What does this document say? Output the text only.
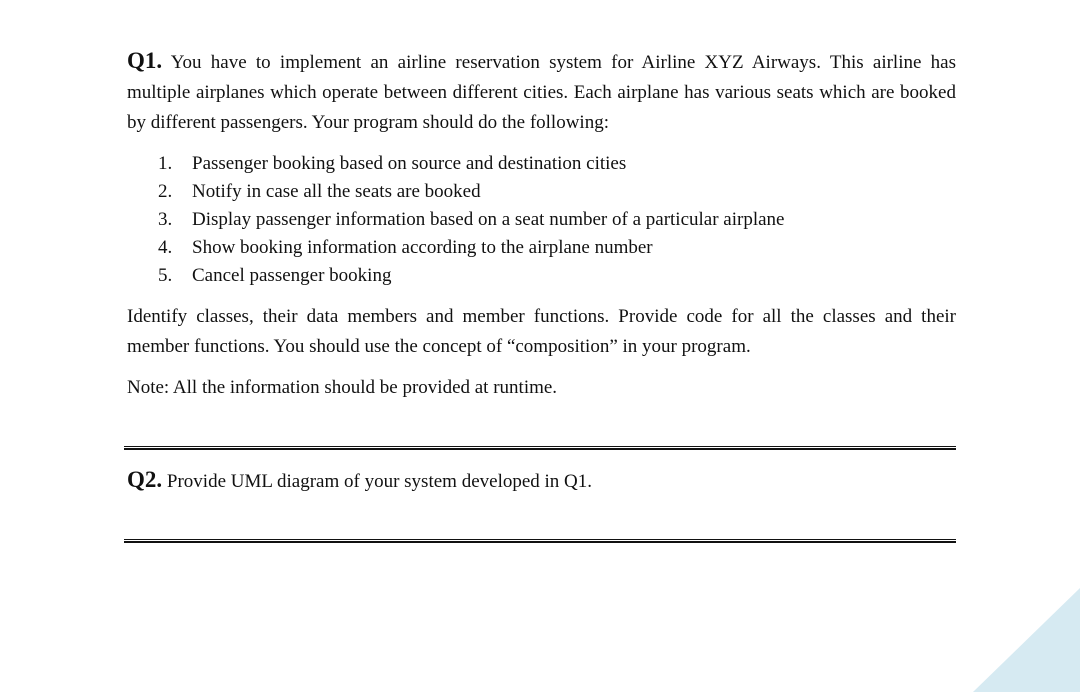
Q1. You have to implement an airline reservation system for Airline XYZ Airways. This airline has multiple airplanes which operate between different cities. Each airplane has various seats which are booked by different passengers. Your program should do the following:

1.	Passenger booking based on source and destination cities
2.	Notify in case all the seats are booked
3.	Display passenger information based on a seat number of a particular airplane
4.	Show booking information according to the airplane number
5.	Cancel passenger booking

Identify classes, their data members and member functions. Provide code for all the classes and their member functions. You should use the concept of “composition” in your program.

Note: All the information should be provided at runtime.

Q2. Provide UML diagram of your system developed in Q1.
